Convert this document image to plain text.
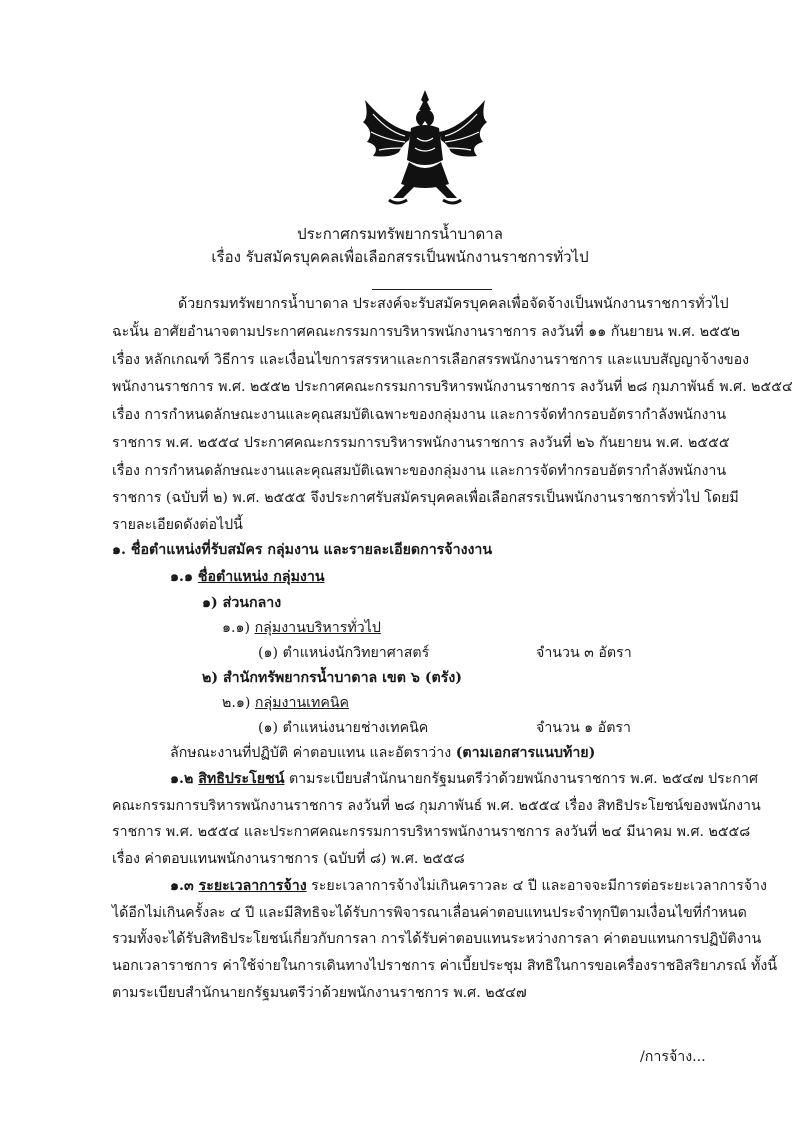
ประกาศกรมทรัพยากรน้ำบาดาล
เรื่อง รับสมัครบุคคลเพื่อเลือกสรรเป็นพนักงานราชการทั่วไป
ด้วยกรมทรัพยากรน้ำบาดาล ประสงค์จะรับสมัครบุคคลเพื่อจัดจ้างเป็นพนักงานราชการทั่วไป
ฉะนั้น อาศัยอำนาจตามประกาศคณะกรรมการบริหารพนักงานราชการ ลงวันที่ ๑๑ กันยายน พ.ศ. ๒๕๕๒
เรื่อง หลักเกณฑ์ วิธีการ และเงื่อนไขการสรรหาและการเลือกสรรพนักงานราชการ และแบบสัญญาจ้างของ
พนักงานราชการ พ.ศ. ๒๕๕๒ ประกาศคณะกรรมการบริหารพนักงานราชการ ลงวันที่ ๒๘ กุมภาพันธ์ พ.ศ. ๒๕๕๔
เรื่อง การกำหนดลักษณะงานและคุณสมบัติเฉพาะของกลุ่มงาน และการจัดทำกรอบอัตรากำลังพนักงาน
ราชการ พ.ศ. ๒๕๕๔ ประกาศคณะกรรมการบริหารพนักงานราชการ ลงวันที่ ๒๖ กันยายน พ.ศ. ๒๕๕๕
เรื่อง การกำหนดลักษณะงานและคุณสมบัติเฉพาะของกลุ่มงาน และการจัดทำกรอบอัตรากำลังพนักงาน
ราชการ (ฉบับที่ ๒) พ.ศ. ๒๕๕๕ จึงประกาศรับสมัครบุคคลเพื่อเลือกสรรเป็นพนักงานราชการทั่วไป โดยมี
รายละเอียดดังต่อไปนี้
๑. ชื่อตำแหน่งที่รับสมัคร กลุ่มงาน และรายละเอียดการจ้างงาน
๑.๑ ชื่อตำแหน่ง กลุ่มงาน
๑) ส่วนกลาง
๑.๑) กลุ่มงานบริหารทั่วไป
(๑) ตำแหน่งนักวิทยาศาสตร์	จำนวน ๓ อัตรา
๒) สำนักทรัพยากรน้ำบาดาล เขต ๖ (ตรัง)
๒.๑) กลุ่มงานเทคนิค
(๑) ตำแหน่งนายช่างเทคนิค	จำนวน ๑ อัตรา
ลักษณะงานที่ปฏิบัติ ค่าตอบแทน และอัตราว่าง (ตามเอกสารแนบท้าย)
๑.๒ สิทธิประโยชน์ ตามระเบียบสำนักนายกรัฐมนตรีว่าด้วยพนักงานราชการ พ.ศ. ๒๕๔๗ ประกาศ
คณะกรรมการบริหารพนักงานราชการ ลงวันที่ ๒๘ กุมภาพันธ์ พ.ศ. ๒๕๕๔ เรื่อง สิทธิประโยชน์ของพนักงาน
ราชการ พ.ศ. ๒๕๕๔ และประกาศคณะกรรมการบริหารพนักงานราชการ ลงวันที่ ๒๔ มีนาคม พ.ศ. ๒๕๕๘
เรื่อง ค่าตอบแทนพนักงานราชการ (ฉบับที่ ๘) พ.ศ. ๒๕๕๘
๑.๓ ระยะเวลาการจ้าง ระยะเวลาการจ้างไม่เกินคราวละ ๔ ปี และอาจจะมีการต่อระยะเวลาการจ้าง
ได้อีกไม่เกินครั้งละ ๔ ปี และมีสิทธิจะได้รับการพิจารณาเลื่อนค่าตอบแทนประจำทุกปีตามเงื่อนไขที่กำหนด
รวมทั้งจะได้รับสิทธิประโยชน์เกี่ยวกับการลา การได้รับค่าตอบแทนระหว่างการลา ค่าตอบแทนการปฏิบัติงาน
นอกเวลาราชการ ค่าใช้จ่ายในการเดินทางไปราชการ ค่าเบี้ยประชุม สิทธิในการขอเครื่องราชอิสริยาภรณ์ ทั้งนี้
ตามระเบียบสำนักนายกรัฐมนตรีว่าด้วยพนักงานราชการ พ.ศ. ๒๕๔๗
/การจ้าง...
